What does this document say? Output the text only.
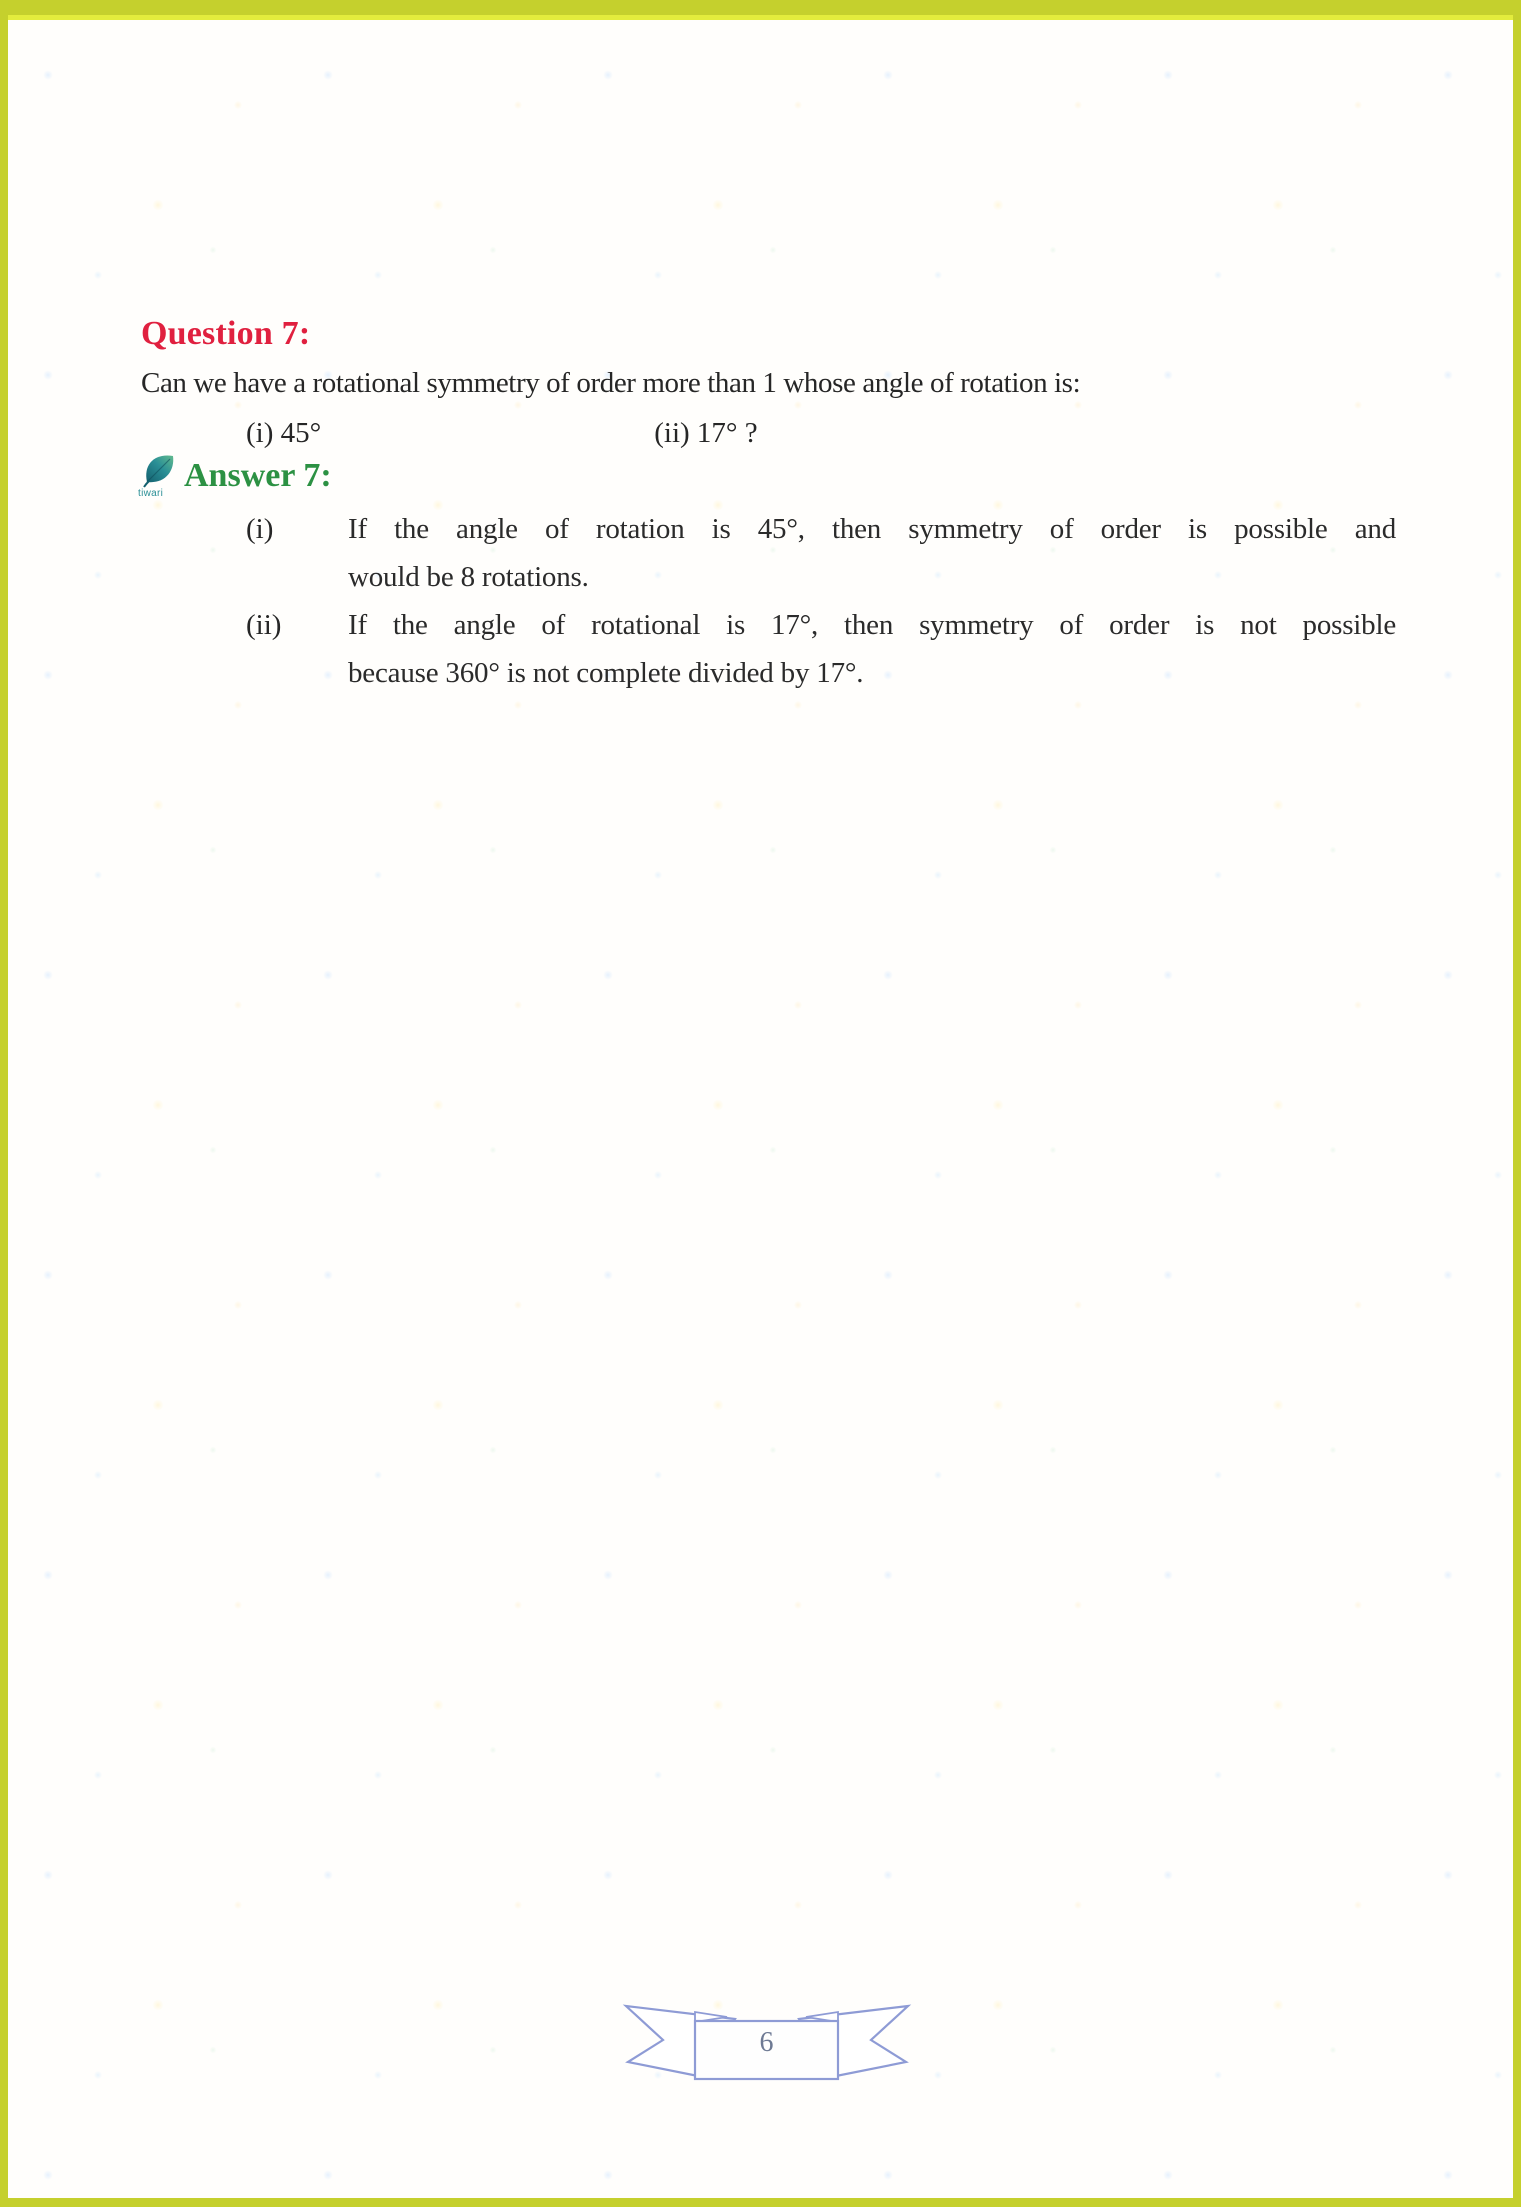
Question 7:

Can we have a rotational symmetry of order more than 1 whose angle of rotation is:

(i) 45°	(ii) 17° ?
tiwari Answer 7:
(i)	If the angle of rotation is 45°, then symmetry of order is possible and
would be 8 rotations.
(ii) If the angle of rotational is 17°, then symmetry of order is not possible
because 360° is not complete divided by 17°.
6
